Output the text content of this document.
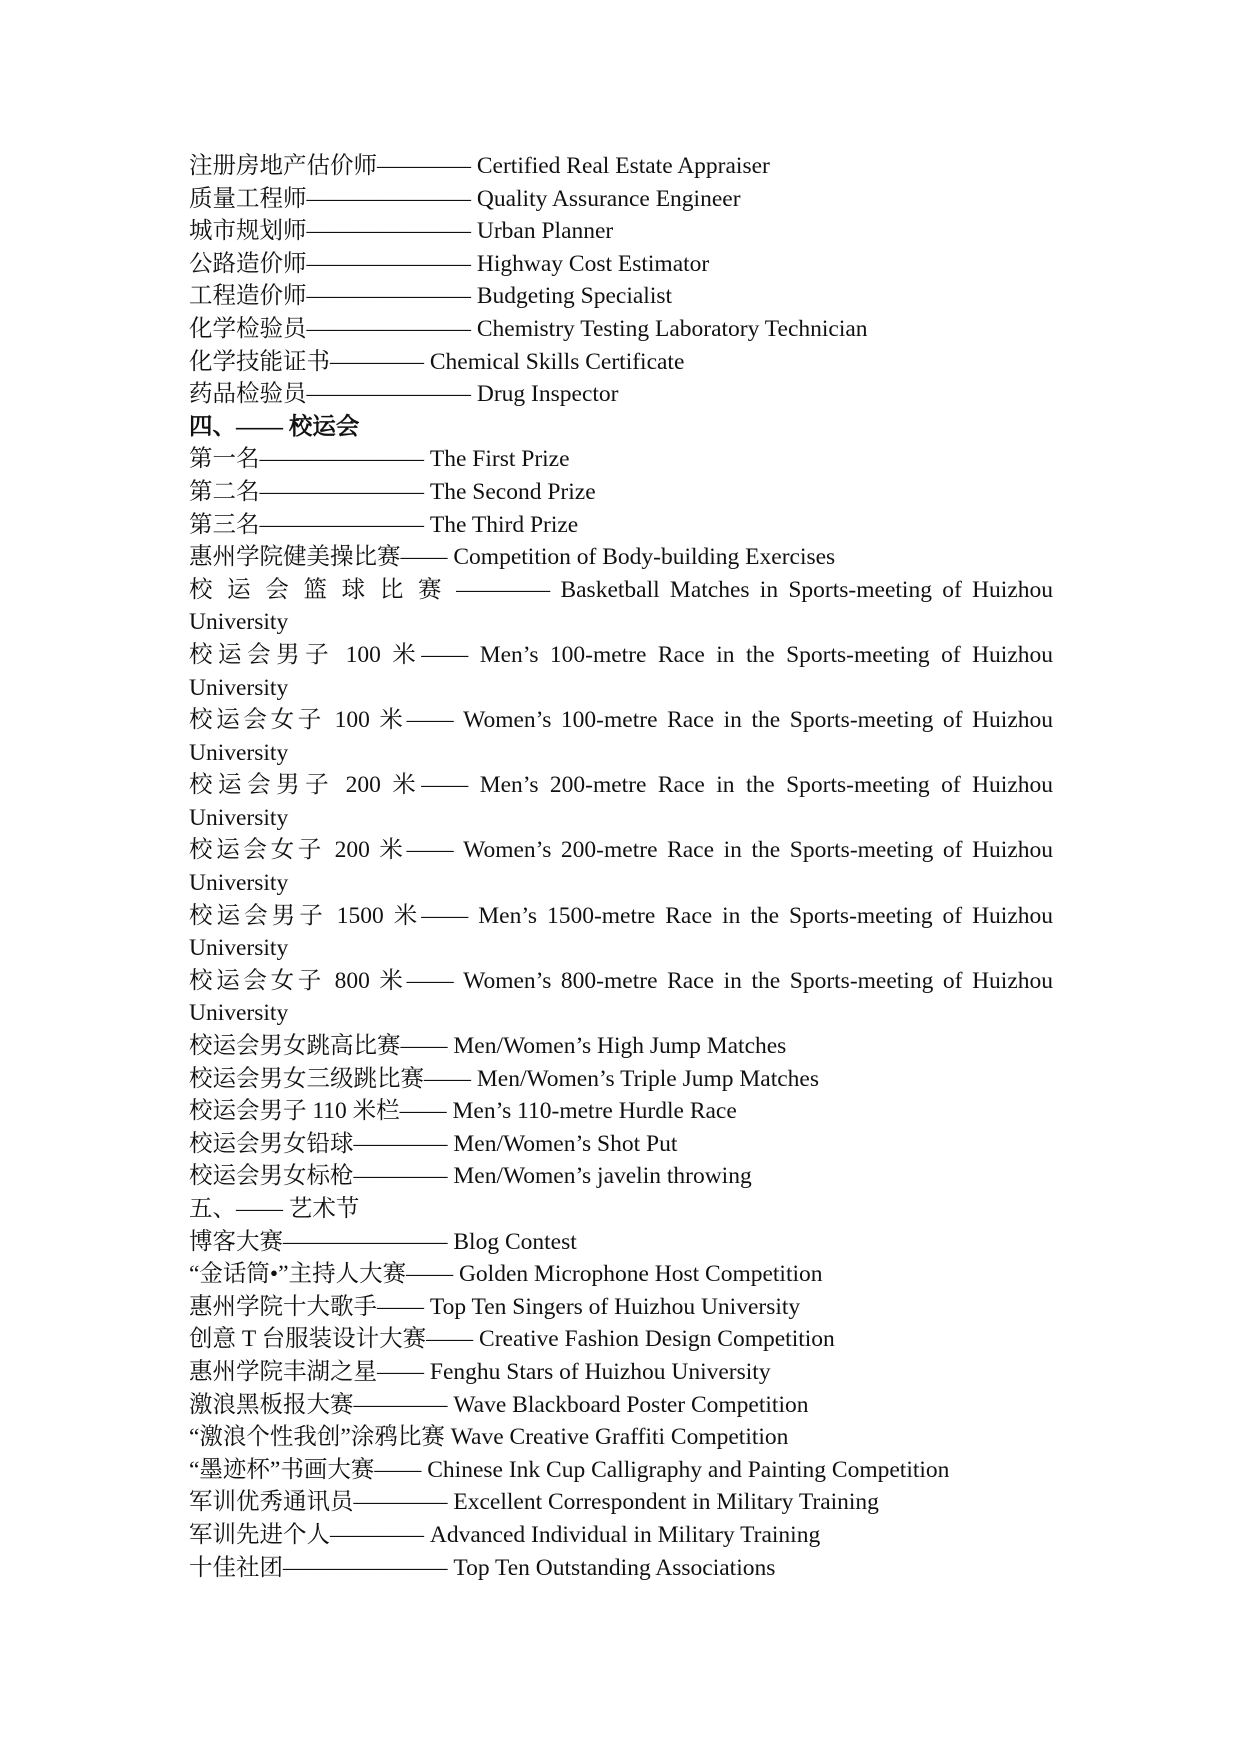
注册房地产估价师———— Certified Real Estate Appraiser
质量工程师——————— Quality Assurance Engineer
城市规划师——————— Urban Planner
公路造价师——————— Highway Cost Estimator
工程造价师——————— Budgeting Specialist
化学检验员——————— Chemistry Testing Laboratory Technician
化学技能证书———— Chemical Skills Certificate
药品检验员——————— Drug Inspector
四、—— 校运会
第一名——————— The First Prize
第二名——————— The Second Prize
第三名——————— The Third Prize
惠州学院健美操比赛—— Competition of Body-building Exercises
校 运 会 篮 球 比 赛 ———— Basketball Matches in Sports-meeting of Huizhou
University
校运会男子 100 米—— Men’s 100-metre Race in the Sports-meeting of Huizhou
University
校运会女子 100 米—— Women’s 100-metre Race in the Sports-meeting of Huizhou
University
校运会男子 200 米—— Men’s 200-metre Race in the Sports-meeting of Huizhou
University
校运会女子 200 米—— Women’s 200-metre Race in the Sports-meeting of Huizhou
University
校运会男子 1500 米—— Men’s 1500-metre Race in the Sports-meeting of Huizhou
University
校运会女子 800 米—— Women’s 800-metre Race in the Sports-meeting of Huizhou
University
校运会男女跳高比赛—— Men/Women’s High Jump Matches
校运会男女三级跳比赛—— Men/Women’s Triple Jump Matches
校运会男子 110 米栏—— Men’s 110-metre Hurdle Race
校运会男女铅球———— Men/Women’s Shot Put
校运会男女标枪———— Men/Women’s javelin throwing
五、—— 艺术节
博客大赛——————— Blog Contest
“金话筒•”主持人大赛—— Golden Microphone Host Competition
惠州学院十大歌手—— Top Ten Singers of Huizhou University
创意 T 台服装设计大赛—— Creative Fashion Design Competition
惠州学院丰湖之星—— Fenghu Stars of Huizhou University
激浪黑板报大赛———— Wave Blackboard Poster Competition
“激浪个性我创”涂鸦比赛 Wave Creative Graffiti Competition
“墨迹杯”书画大赛—— Chinese Ink Cup Calligraphy and Painting Competition
军训优秀通讯员———— Excellent Correspondent in Military Training
军训先进个人———— Advanced Individual in Military Training
十佳社团——————— Top Ten Outstanding Associations
